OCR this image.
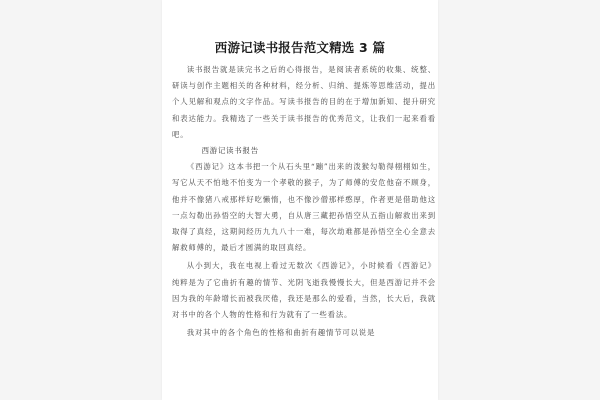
西游记读书报告范文精选 3 篇

读书报告就是读完书之后的心得报告，是阅读者系统的收集、统整、研读与创作主题相关的各种材料，经分析、归纳、提炼等思维活动，提出个人见解和观点的文字作品。写读书报告的目的在于增加新知、提升研究和表达能力。我精选了一些关于读书报告的优秀范文，让我们一起来看看吧。

西游记读书报告

《西游记》这本书把一个从石头里“蹦”出来的泼猴勾勒得栩栩如生，写它从天不怕地不怕变为一个孝敬的猴子，为了师傅的安危他奋不顾身，他并不像猪八戒那样好吃懒惰，也不像沙僧那样憨厚，作者更是借助他这一点勾勒出孙悟空的大智大勇，自从唐三藏把孙悟空从五指山解救出来到取得了真经，这期间经历九九八十一难，每次劫难都是孙悟空全心全意去解救师傅的，最后才圆满的取回真经。

从小到大，我在电视上看过无数次《西游记》，小时候看《西游记》纯粹是为了它曲折有趣的情节、光阴飞逝我慢慢长大，但是西游记并不会因为我的年龄增长而被我厌倦，我还是那么的爱看，当然，长大后，我就对书中的各个人物的性格和行为就有了一些看法。

我对其中的各个角色的性格和曲折有趣情节可以说是
